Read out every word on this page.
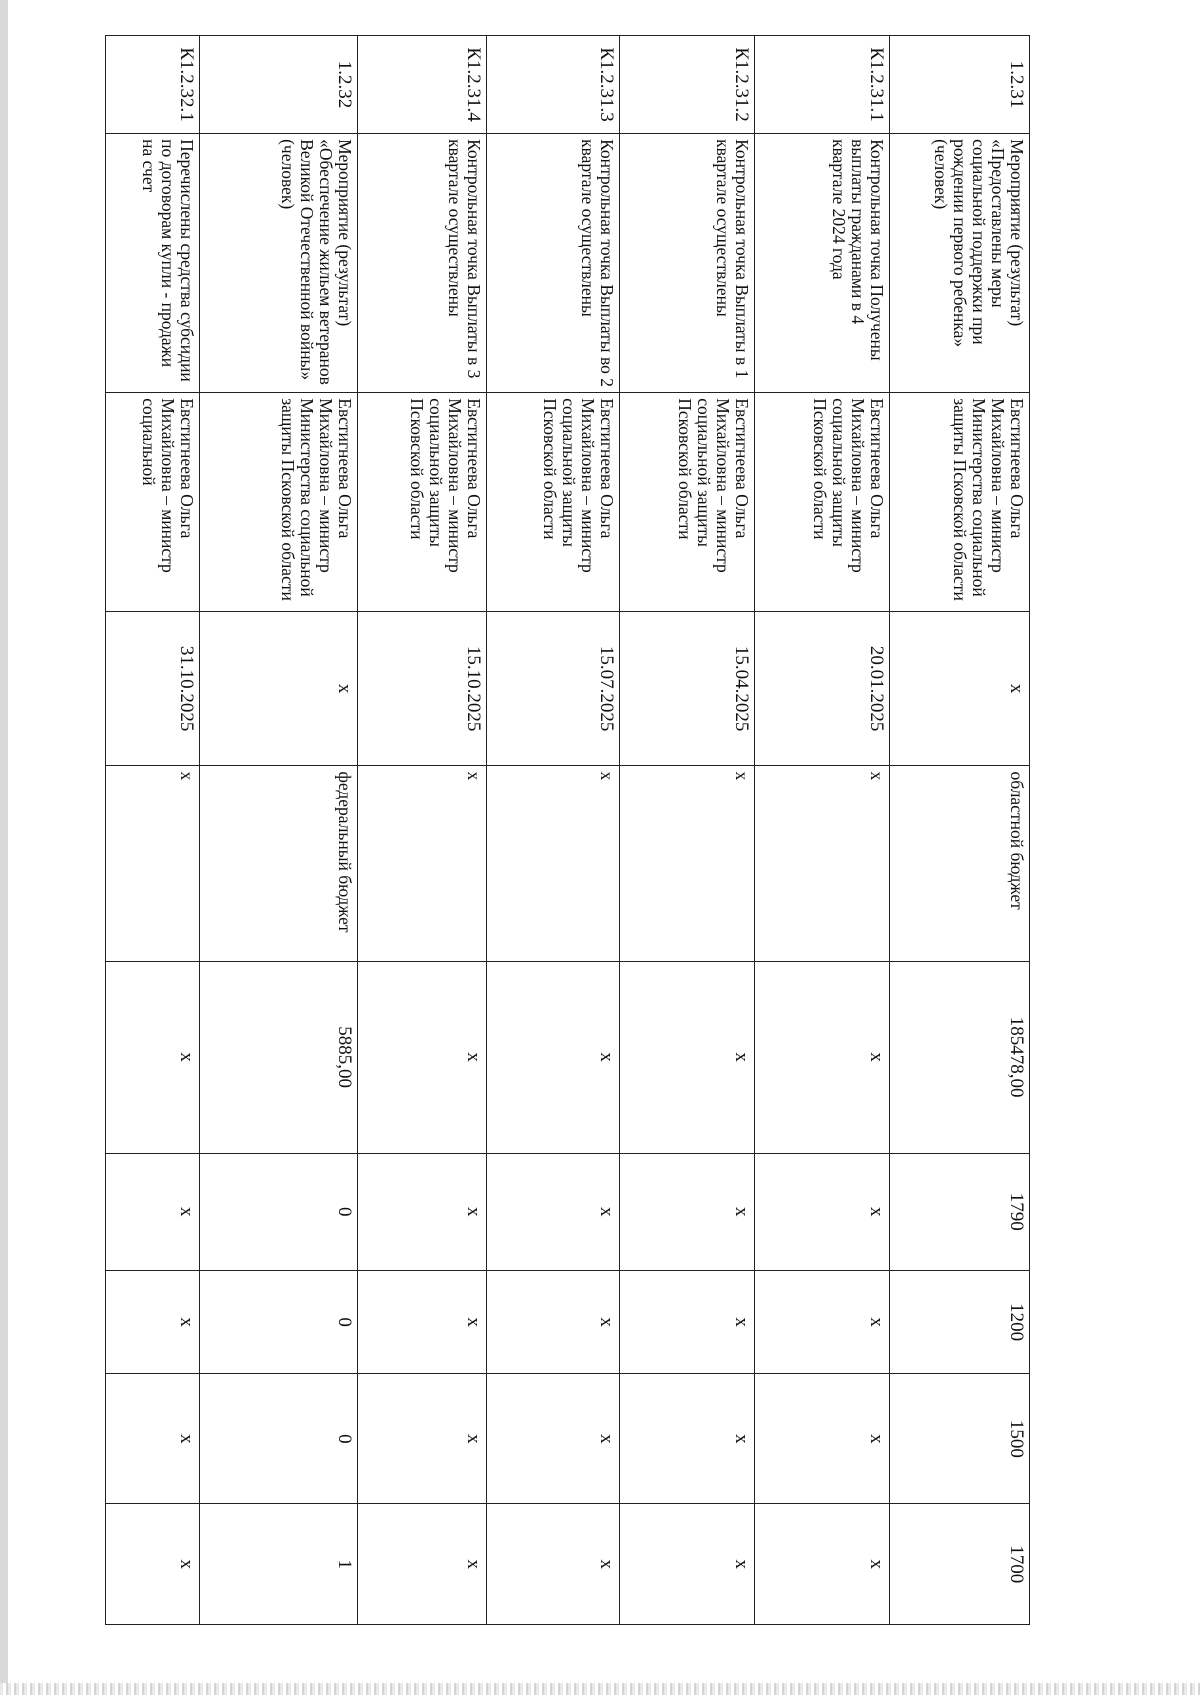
1.2.31	Мероприятие (результат) «Предоставлены меры социальной поддержки при рождении первого ребенка» (человек)	Евстигнеева Ольга Михайловна – министр Министерства социальной защиты Псковской области	x	областной бюджет	185478,00	1790	1200	1500	1700
К1.2.31.1	Контрольная точка Получены выплаты гражданами в 4 квартале 2024 года	Евстигнеева Ольга Михайловна – министр социальной защиты Псковской области	20.01.2025	x	x	x	x	x	x
К1.2.31.2	Контрольная точка Выплаты в 1 квартале осуществлены	Евстигнеева Ольга Михайловна – министр социальной защиты Псковской области	15.04.2025	x	x	x	x	x	x
К1.2.31.3	Контрольная точка Выплаты во 2 квартале осуществлены	Евстигнеева Ольга Михайловна – министр социальной защиты Псковской области	15.07.2025	x	x	x	x	x	x
К1.2.31.4	Контрольная точка Выплаты в 3 квартале осуществлены	Евстигнеева Ольга Михайловна – министр социальной защиты Псковской области	15.10.2025	x	x	x	x	x	x
1.2.32	Мероприятие (результат) «Обеспечение жильем ветеранов Великой Отечественной войны» (человек)	Евстигнеева Ольга Михайловна – министр Министерства социальной защиты Псковской области	x	федеральный бюджет	5885,00	0	0	0	1
К1.2.32.1	Перечислены средства субсидии по договорам купли - продажи на счет	Евстигнеева Ольга Михайловна – министр социальной	31.10.2025	x	x	x	x	x	x
